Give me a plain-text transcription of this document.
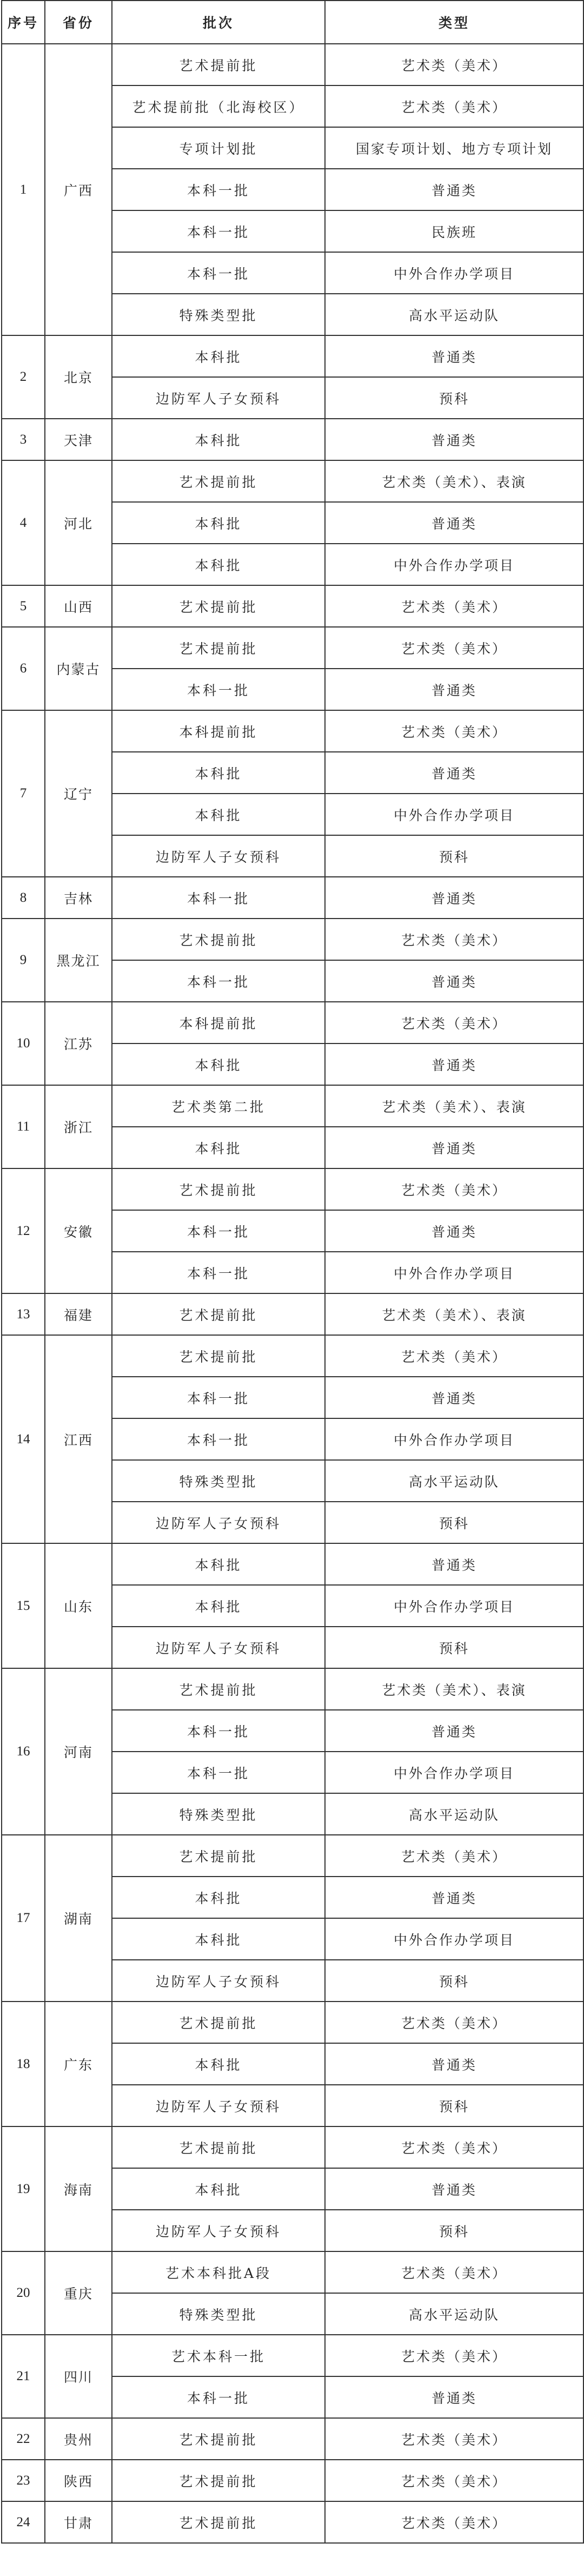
序号	省份	批次	类型
1	广西	艺术提前批	艺术类（美术）
		艺术提前批（北海校区）	艺术类（美术）
		专项计划批	国家专项计划、地方专项计划
		本科一批	普通类
		本科一批	民族班
		本科一批	中外合作办学项目
		特殊类型批	高水平运动队
2	北京	本科批	普通类
		边防军人子女预科	预科
3	天津	本科批	普通类
4	河北	艺术提前批	艺术类（美术）、表演
		本科批	普通类
		本科批	中外合作办学项目
5	山西	艺术提前批	艺术类（美术）
6	内蒙古	艺术提前批	艺术类（美术）
		本科一批	普通类
7	辽宁	本科提前批	艺术类（美术）
		本科批	普通类
		本科批	中外合作办学项目
		边防军人子女预科	预科
8	吉林	本科一批	普通类
9	黑龙江	艺术提前批	艺术类（美术）
		本科一批	普通类
10	江苏	本科提前批	艺术类（美术）
		本科批	普通类
11	浙江	艺术类第二批	艺术类（美术）、表演
		本科批	普通类
12	安徽	艺术提前批	艺术类（美术）
		本科一批	普通类
		本科一批	中外合作办学项目
13	福建	艺术提前批	艺术类（美术）、表演
14	江西	艺术提前批	艺术类（美术）
		本科一批	普通类
		本科一批	中外合作办学项目
		特殊类型批	高水平运动队
		边防军人子女预科	预科
15	山东	本科批	普通类
		本科批	中外合作办学项目
		边防军人子女预科	预科
16	河南	艺术提前批	艺术类（美术）、表演
		本科一批	普通类
		本科一批	中外合作办学项目
		特殊类型批	高水平运动队
17	湖南	艺术提前批	艺术类（美术）
		本科批	普通类
		本科批	中外合作办学项目
		边防军人子女预科	预科
18	广东	艺术提前批	艺术类（美术）
		本科批	普通类
		边防军人子女预科	预科
19	海南	艺术提前批	艺术类（美术）
		本科批	普通类
		边防军人子女预科	预科
20	重庆	艺术本科批A段	艺术类（美术）
		特殊类型批	高水平运动队
21	四川	艺术本科一批	艺术类（美术）
		本科一批	普通类
22	贵州	艺术提前批	艺术类（美术）
23	陕西	艺术提前批	艺术类（美术）
24	甘肃	艺术提前批	艺术类（美术）
